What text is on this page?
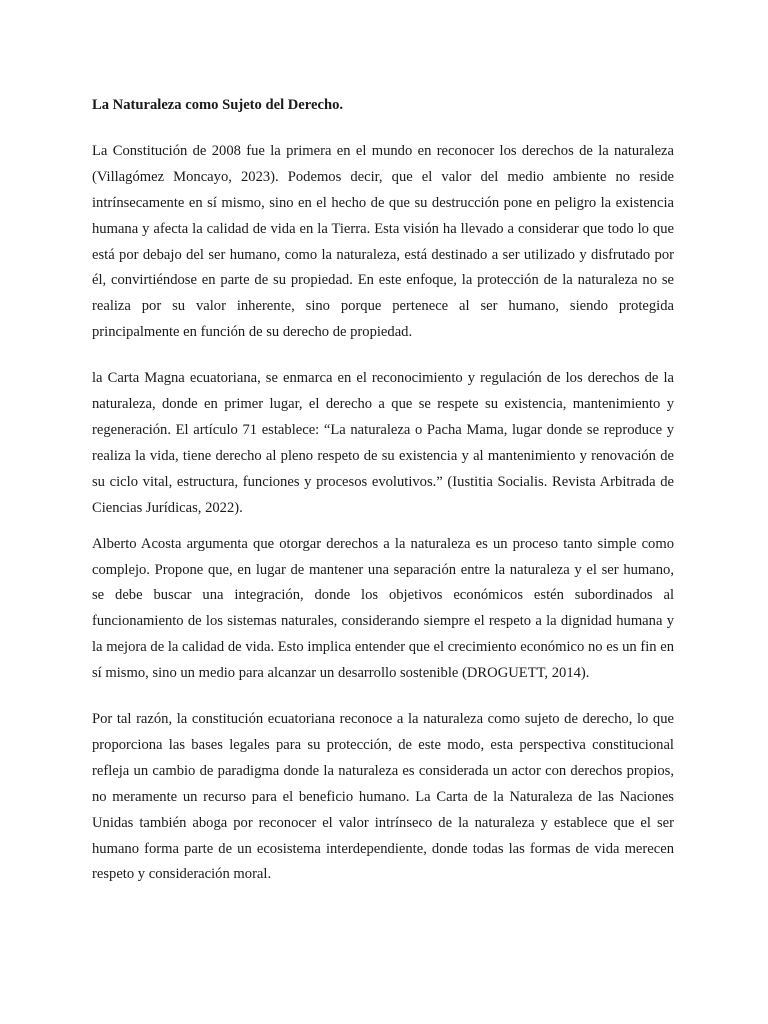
La Naturaleza como Sujeto del Derecho.

La Constitución de 2008 fue la primera en el mundo en reconocer los derechos de la naturaleza (Villagómez Moncayo, 2023). Podemos decir, que el valor del medio ambiente no reside intrínsecamente en sí mismo, sino en el hecho de que su destrucción pone en peligro la existencia humana y afecta la calidad de vida en la Tierra. Esta visión ha llevado a considerar que todo lo que está por debajo del ser humano, como la naturaleza, está destinado a ser utilizado y disfrutado por él, convirtiéndose en parte de su propiedad. En este enfoque, la protección de la naturaleza no se realiza por su valor inherente, sino porque pertenece al ser humano, siendo protegida principalmente en función de su derecho de propiedad.

la Carta Magna ecuatoriana, se enmarca en el reconocimiento y regulación de los derechos de la naturaleza, donde en primer lugar, el derecho a que se respete su existencia, mantenimiento y regeneración. El artículo 71 establece: “La naturaleza o Pacha Mama, lugar donde se reproduce y realiza la vida, tiene derecho al pleno respeto de su existencia y al mantenimiento y renovación de su ciclo vital, estructura, funciones y procesos evolutivos.” (Iustitia Socialis. Revista Arbitrada de Ciencias Jurídicas, 2022).

Alberto Acosta argumenta que otorgar derechos a la naturaleza es un proceso tanto simple como complejo. Propone que, en lugar de mantener una separación entre la naturaleza y el ser humano, se debe buscar una integración, donde los objetivos económicos estén subordinados al funcionamiento de los sistemas naturales, considerando siempre el respeto a la dignidad humana y la mejora de la calidad de vida. Esto implica entender que el crecimiento económico no es un fin en sí mismo, sino un medio para alcanzar un desarrollo sostenible (DROGUETT, 2014).

Por tal razón, la constitución ecuatoriana reconoce a la naturaleza como sujeto de derecho, lo que proporciona las bases legales para su protección, de este modo, esta perspectiva constitucional refleja un cambio de paradigma donde la naturaleza es considerada un actor con derechos propios, no meramente un recurso para el beneficio humano. La Carta de la Naturaleza de las Naciones Unidas también aboga por reconocer el valor intrínseco de la naturaleza y establece que el ser humano forma parte de un ecosistema interdependiente, donde todas las formas de vida merecen respeto y consideración moral.
